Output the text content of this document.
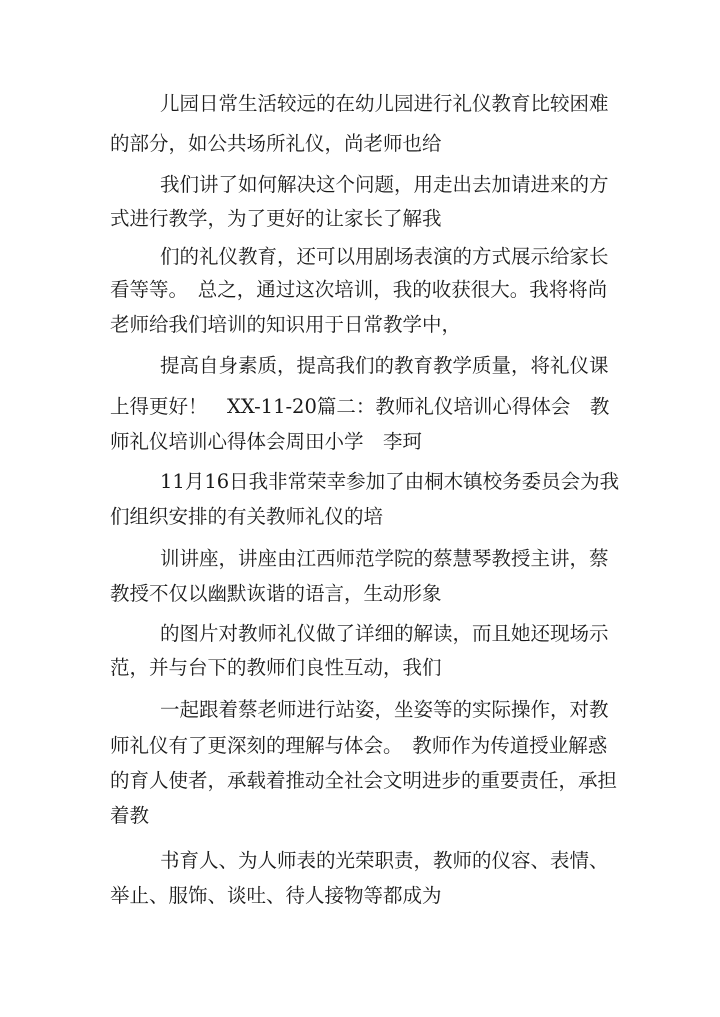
儿园日常生活较远的在幼儿园进行礼仪教育比较困难
的部分，如公共场所礼仪，尚老师也给
我们讲了如何解决这个问题，用走出去加请进来的方
式进行教学，为了更好的让家长了解我
们的礼仪教育，还可以用剧场表演的方式展示给家长
看等等。　总之，通过这次培训，我的收获很大。我将将尚
老师给我们培训的知识用于日常教学中，
提高自身素质，提高我们的教育教学质量，将礼仪课
上得更好！　XX-11-20篇二：教师礼仪培训心得体会　教
师礼仪培训心得体会周田小学　李珂
11月16日我非常荣幸参加了由桐木镇校务委员会为我
们组织安排的有关教师礼仪的培
训讲座，讲座由江西师范学院的蔡慧琴教授主讲，蔡
教授不仅以幽默诙谐的语言，生动形象
的图片对教师礼仪做了详细的解读，而且她还现场示
范，并与台下的教师们良性互动，我们
一起跟着蔡老师进行站姿，坐姿等的实际操作，对教
师礼仪有了更深刻的理解与体会。　教师作为传道授业解惑
的育人使者，承载着推动全社会文明进步的重要责任，承担
着教
书育人、为人师表的光荣职责，教师的仪容、表情、
举止、服饰、谈吐、待人接物等都成为
